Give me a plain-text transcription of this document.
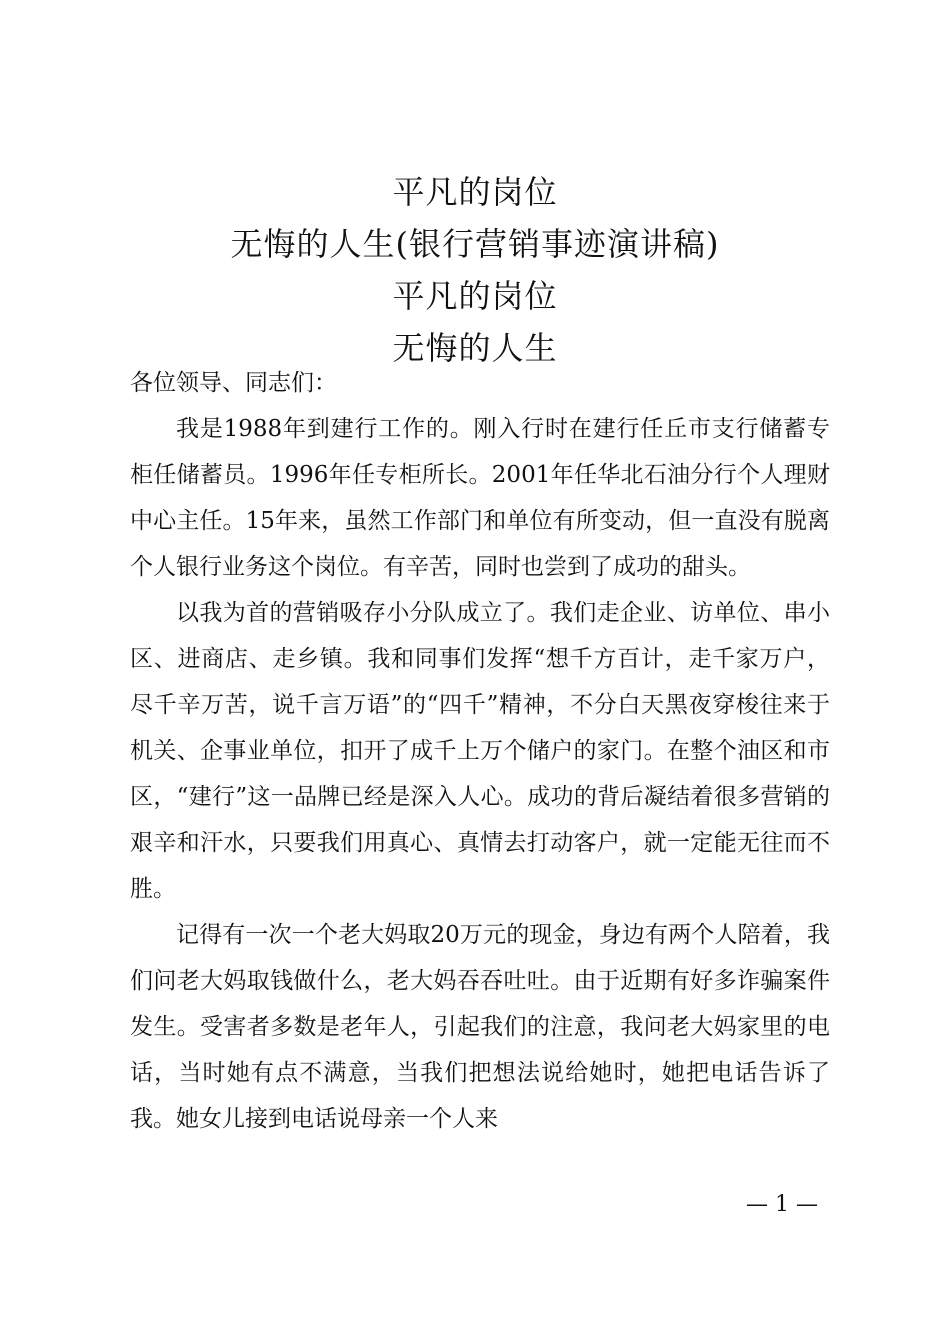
平凡的岗位
无悔的人生(银行营销事迹演讲稿)
平凡的岗位
无悔的人生

各位领导、同志们：

我是1988年到建行工作的。刚入行时在建行任丘市支行储蓄专柜任储蓄员。1996年任专柜所长。2001年任华北石油分行个人理财中心主任。15年来，虽然工作部门和单位有所变动，但一直没有脱离个人银行业务这个岗位。有辛苦，同时也尝到了成功的甜头。

以我为首的营销吸存小分队成立了。我们走企业、访单位、串小区、进商店、走乡镇。我和同事们发挥“想千方百计，走千家万户，尽千辛万苦，说千言万语”的“四千”精神，不分白天黑夜穿梭往来于机关、企事业单位，扣开了成千上万个储户的家门。在整个油区和市区，“建行”这一品牌已经是深入人心。成功的背后凝结着很多营销的艰辛和汗水，只要我们用真心、真情去打动客户，就一定能无往而不胜。

记得有一次一个老大妈取20万元的现金，身边有两个人陪着，我们问老大妈取钱做什么，老大妈吞吞吐吐。由于近期有好多诈骗案件发生。受害者多数是老年人，引起我们的注意，我问老大妈家里的电话，当时她有点不满意，当我们把想法说给她时，她把电话告诉了我。她女儿接到电话说母亲一个人来

— 1 —
